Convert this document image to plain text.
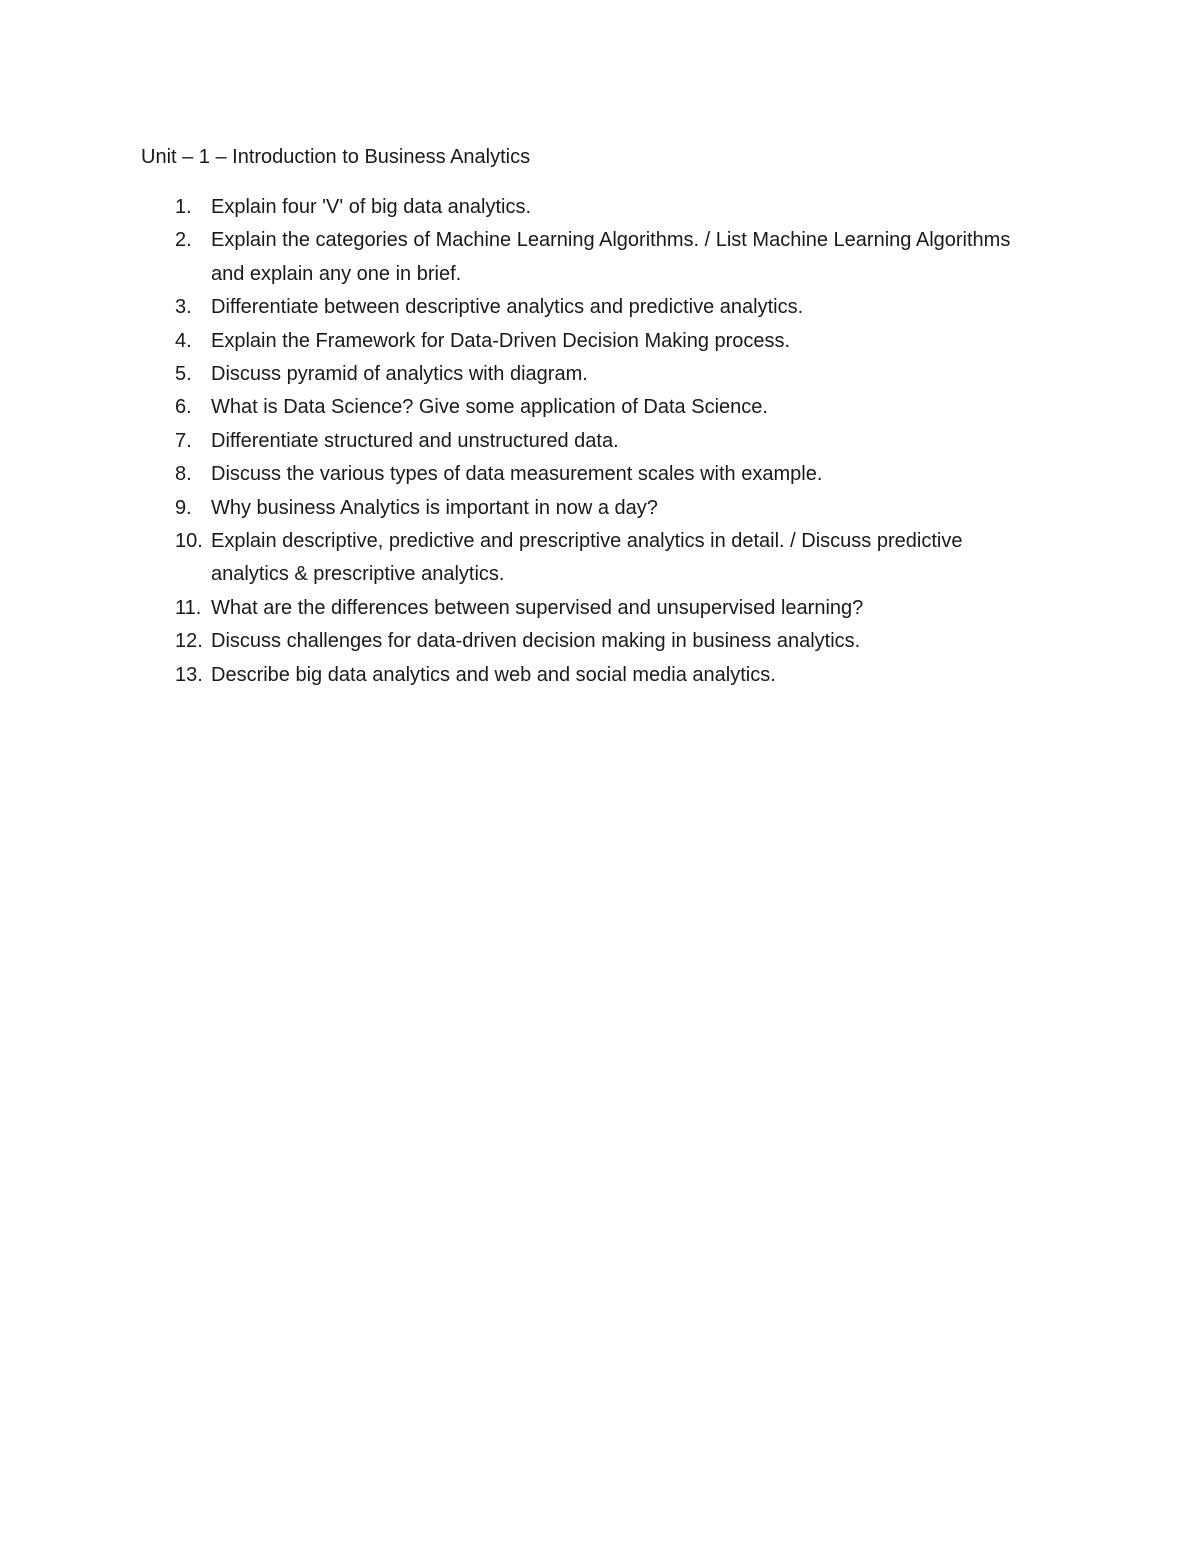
Unit – 1 – Introduction to Business Analytics
1. Explain four 'V' of big data analytics.
2. Explain the categories of Machine Learning Algorithms. / List Machine Learning Algorithms and explain any one in brief.
3. Differentiate between descriptive analytics and predictive analytics.
4. Explain the Framework for Data-Driven Decision Making process.
5. Discuss pyramid of analytics with diagram.
6. What is Data Science? Give some application of Data Science.
7. Differentiate structured and unstructured data.
8. Discuss the various types of data measurement scales with example.
9. Why business Analytics is important in now a day?
10. Explain descriptive, predictive and prescriptive analytics in detail. / Discuss predictive analytics & prescriptive analytics.
11. What are the differences between supervised and unsupervised learning?
12. Discuss challenges for data-driven decision making in business analytics.
13. Describe big data analytics and web and social media analytics.
